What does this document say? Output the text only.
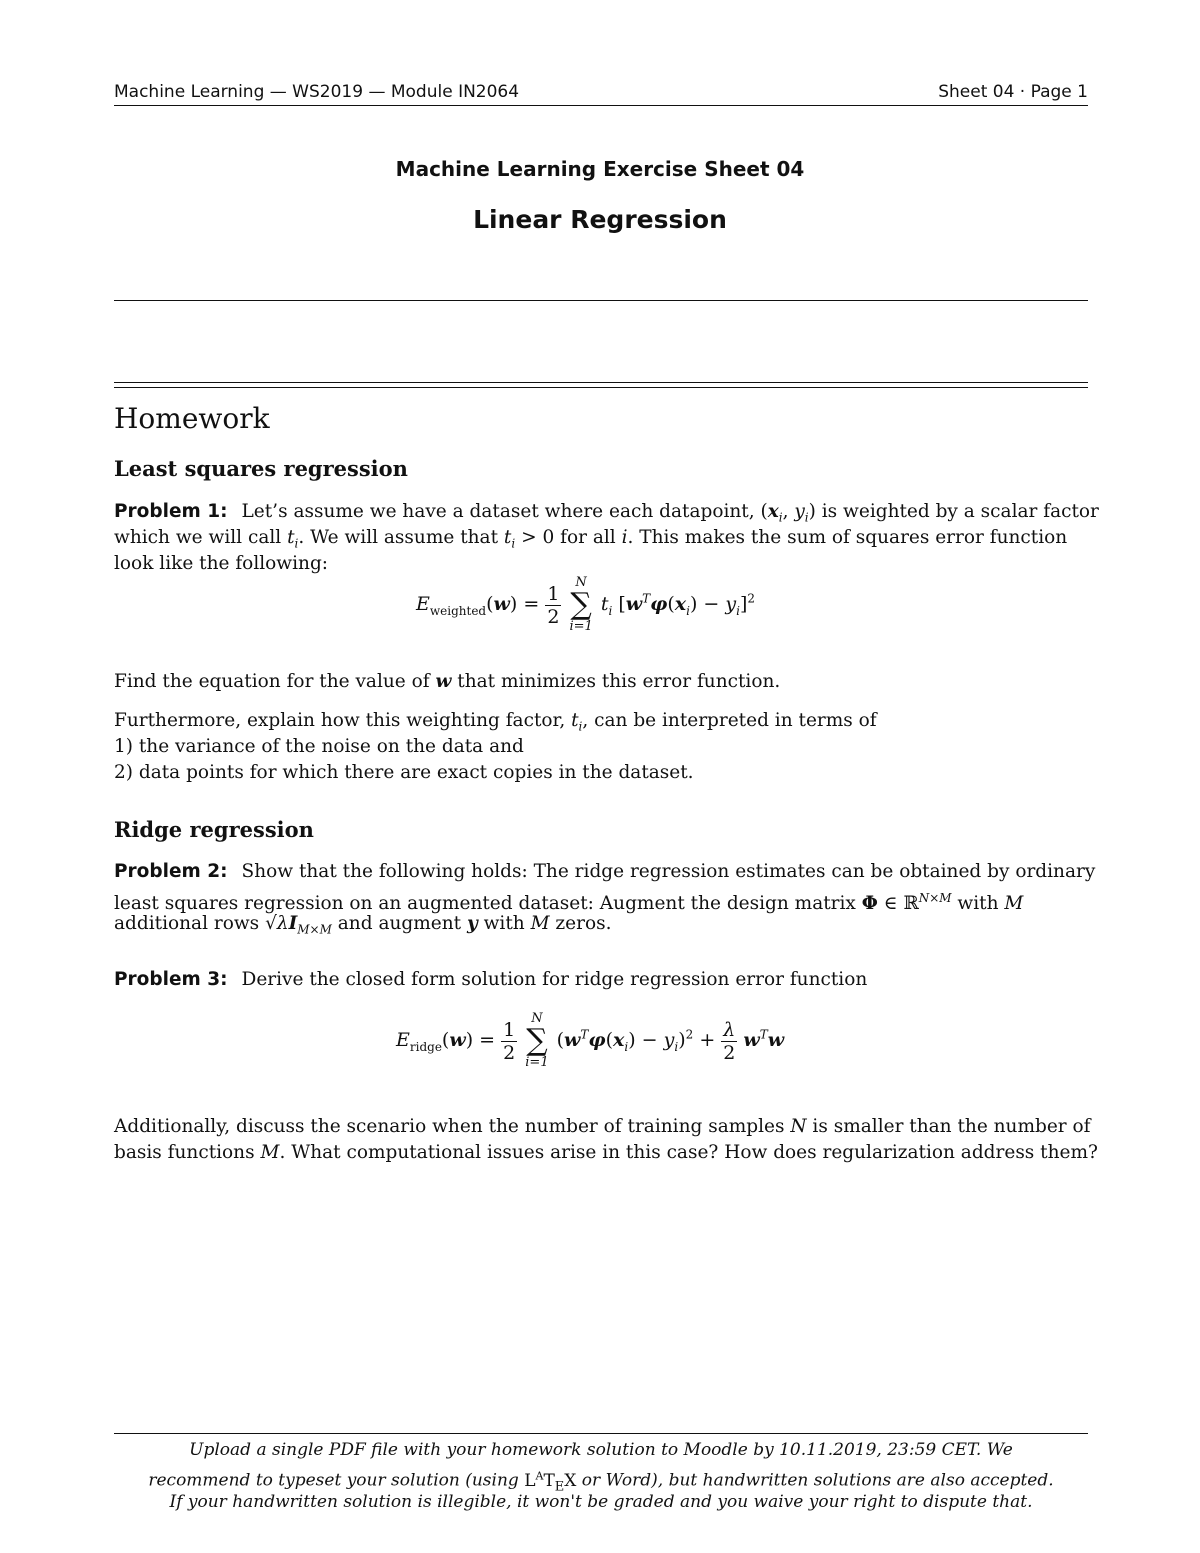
Machine Learning — WS2019 — Module IN2064	Sheet 04 · Page 1
Machine Learning Exercise Sheet 04
Linear Regression
Homework
Least squares regression
Problem 1: Let’s assume we have a dataset where each datapoint, ($x_i$, $y_i$) is weighted by a scalar factor
which we will call $t_i$. We will assume that $t_i > 0$ for all i. This makes the sum of squares error function
look like the following:
$E_{weighted}(w) = \frac{1}{2}$
	N
∑
i=1
$t_i$ $[w^T\varphi(x_i) - y_i]^2$
Find the equation for the value of w that minimizes this error function.
Furthermore, explain how this weighting factor, $t_i$, can be interpreted in terms of
1) the variance of the noise on the data and
2) data points for which there are exact copies in the dataset.
Ridge regression
Problem 2: Show that the following holds: The ridge regression estimates can be obtained by ordinary
least squares regression on an augmented dataset: Augment the design matrix Φ ∈ ℝ$^{N\times M}$ with M
additional rows $√\lambda I_{M\times M}$ and augment y with M zeros.
Problem 3: Derive the closed form solution for ridge regression error function
$E_{ridge}(w) = \frac{1}{2}$
	N
∑
i=1
$(w^T\varphi(x_i) - y_i)^2 + \frac{\lambda}{2} w^Tw$
Additionally, discuss the scenario when the number of training samples N is smaller than the number of
basis functions M. What computational issues arise in this case? How does regularization address them?
Upload a single PDF file with your homework solution to Moodle by 10.11.2019, 23:59 CET. We
recommend to typeset your solution (using $L^AT_EX$ or Word), but handwritten solutions are also accepted.
If your handwritten solution is illegible, it won't be graded and you waive your right to dispute that.
